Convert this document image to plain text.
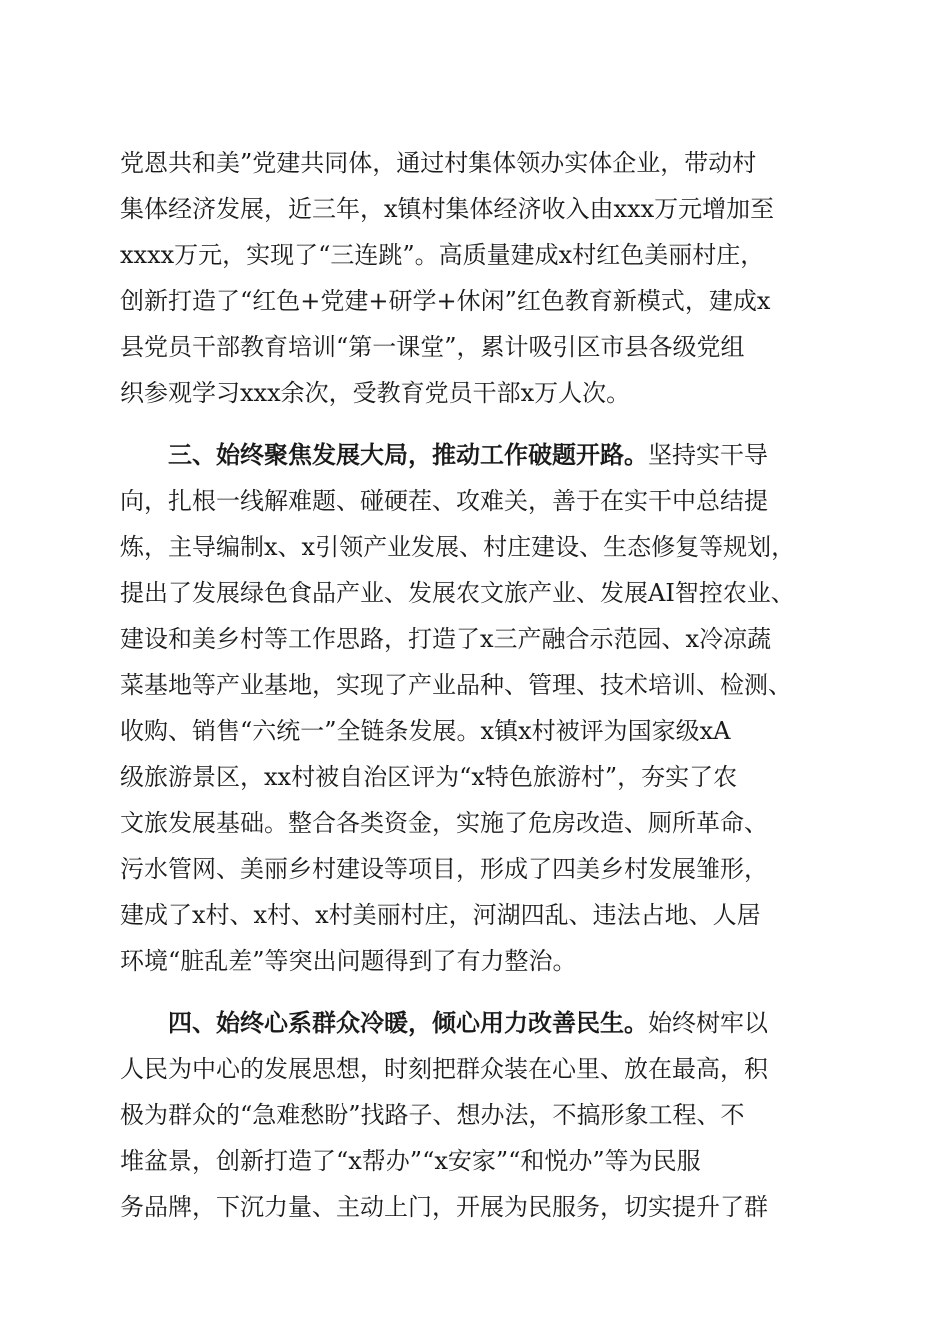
党恩共和美”党建共同体，通过村集体领办实体企业，带动村
集体经济发展，近三年，x镇村集体经济收入由xxx万元增加至
xxxx万元，实现了“三连跳”。高质量建成x村红色美丽村庄，
创新打造了“红色+党建+研学+休闲”红色教育新模式，建成x
县党员干部教育培训“第一课堂”，累计吸引区市县各级党组
织参观学习xxx余次，受教育党员干部x万人次。
三、始终聚焦发展大局，推动工作破题开路。坚持实干导
向，扎根一线解难题、碰硬茬、攻难关，善于在实干中总结提
炼，主导编制x、x引领产业发展、村庄建设、生态修复等规划，
提出了发展绿色食品产业、发展农文旅产业、发展AI智控农业、
建设和美乡村等工作思路，打造了x三产融合示范园、x冷凉蔬
菜基地等产业基地，实现了产业品种、管理、技术培训、检测、
收购、销售“六统一”全链条发展。x镇x村被评为国家级xA
级旅游景区，xx村被自治区评为“x特色旅游村”，夯实了农
文旅发展基础。整合各类资金，实施了危房改造、厕所革命、
污水管网、美丽乡村建设等项目，形成了四美乡村发展雏形，
建成了x村、x村、x村美丽村庄，河湖四乱、违法占地、人居
环境“脏乱差”等突出问题得到了有力整治。
四、始终心系群众冷暖，倾心用力改善民生。始终树牢以
人民为中心的发展思想，时刻把群众装在心里、放在最高，积
极为群众的“急难愁盼”找路子、想办法，不搞形象工程、不
堆盆景，创新打造了“x帮办”“x安家”“和悦办”等为民服
务品牌，下沉力量、主动上门，开展为民服务，切实提升了群
